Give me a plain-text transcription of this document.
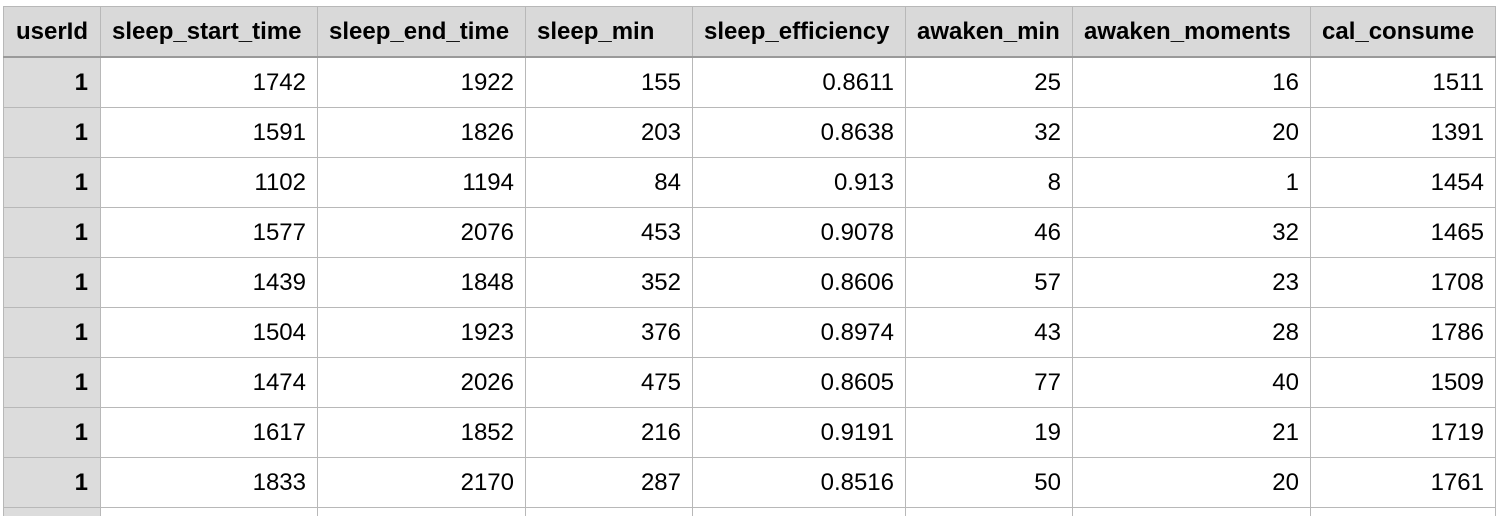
userId	sleep_start_time	sleep_end_time	sleep_min	sleep_efficiency	awaken_min	awaken_moments	cal_consume
1	1742	1922	155	0.8611	25	16	1511
1	1591	1826	203	0.8638	32	20	1391
1	1102	1194	84	0.913	8	1	1454
1	1577	2076	453	0.9078	46	32	1465
1	1439	1848	352	0.8606	57	23	1708
1	1504	1923	376	0.8974	43	28	1786
1	1474	2026	475	0.8605	77	40	1509
1	1617	1852	216	0.9191	19	21	1719
1	1833	2170	287	0.8516	50	20	1761
